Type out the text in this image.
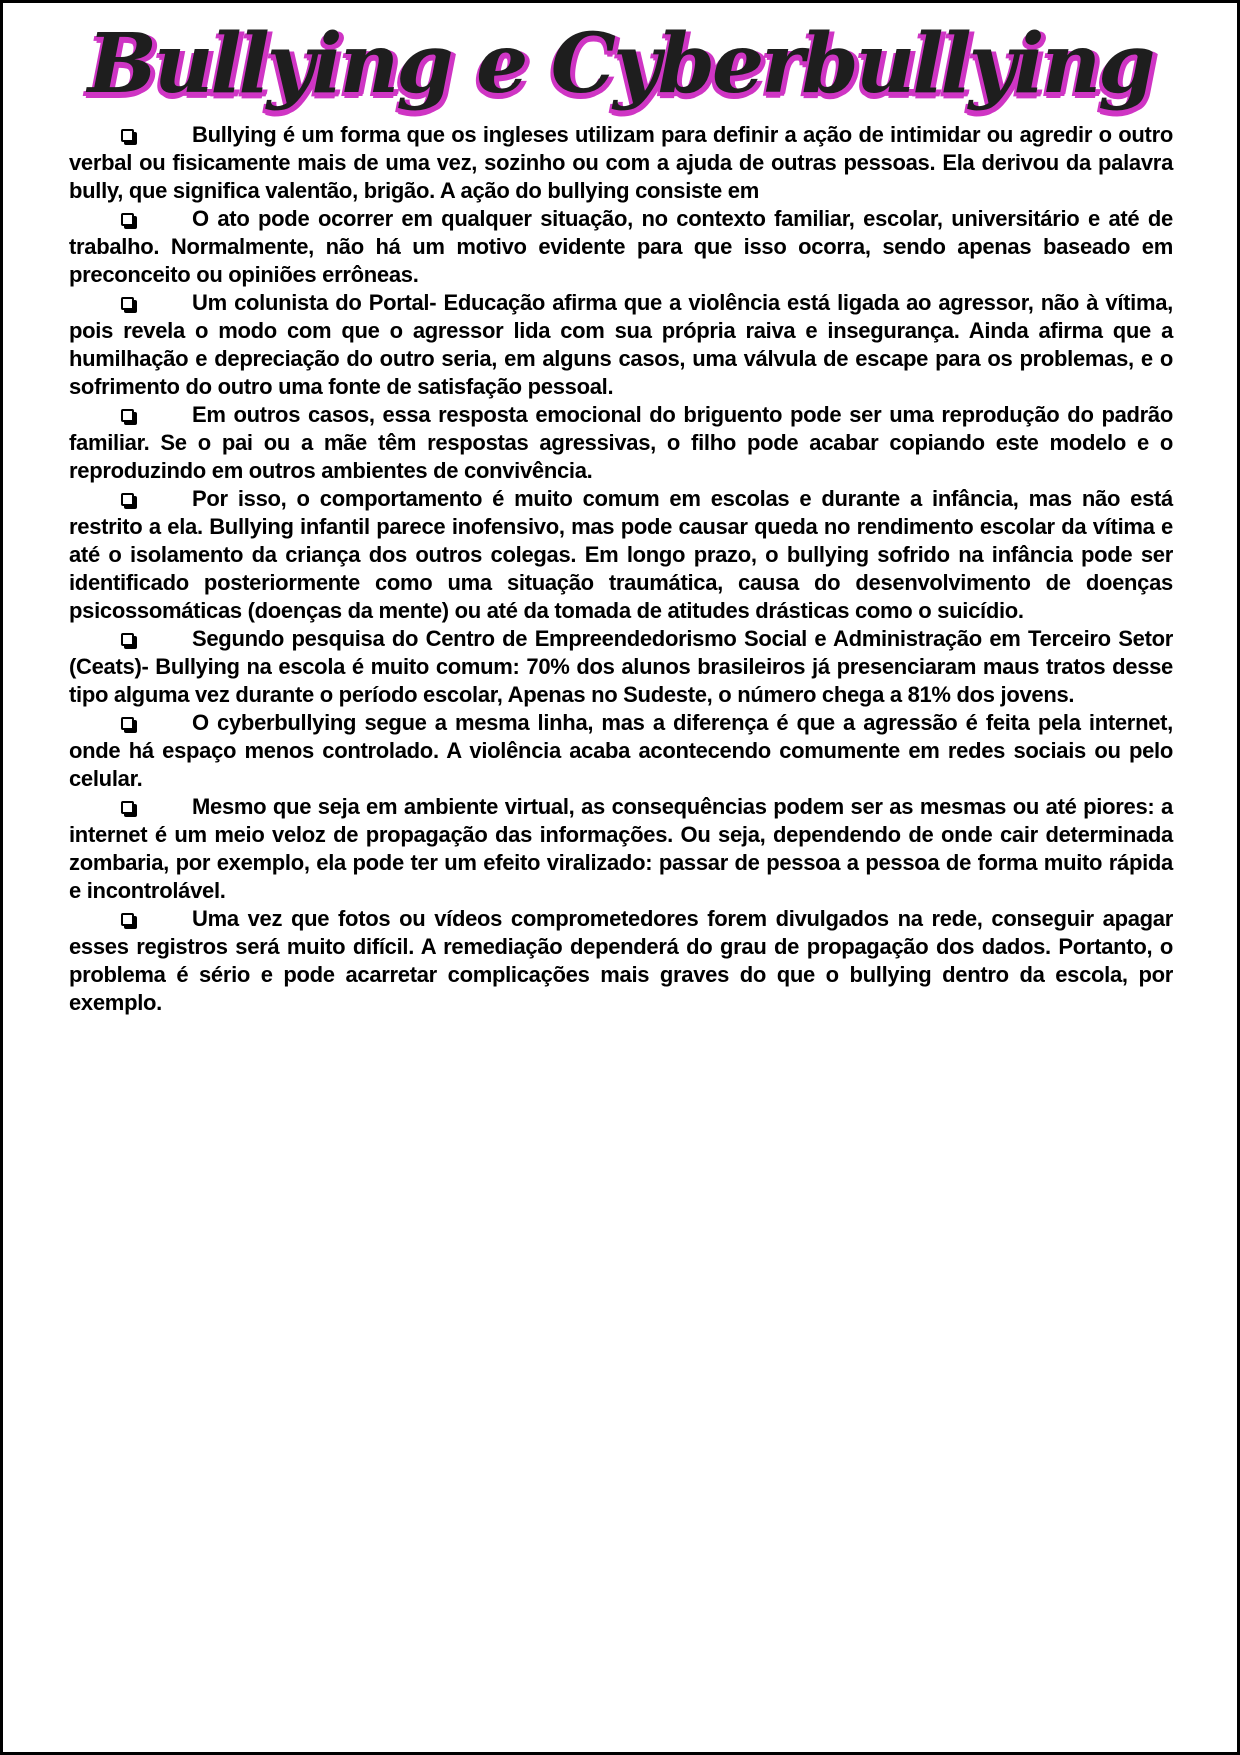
Bullying e Cyberbullying

Bullying é um forma que os ingleses utilizam para definir a ação de intimidar ou agredir o outro verbal ou fisicamente mais de uma vez, sozinho ou com a ajuda de outras pessoas. Ela derivou da palavra bully, que significa valentão, brigão. A ação do bullying consiste em

O ato pode ocorrer em qualquer situação, no contexto familiar, escolar, universitário e até de trabalho. Normalmente, não há um motivo evidente para que isso ocorra, sendo apenas baseado em preconceito ou opiniões errôneas.

Um colunista do Portal- Educação afirma que a violência está ligada ao agressor, não à vítima, pois revela o modo com que o agressor lida com sua própria raiva e insegurança. Ainda afirma que a humilhação e depreciação do outro seria, em alguns casos, uma válvula de escape para os problemas, e o sofrimento do outro uma fonte de satisfação pessoal.

Em outros casos, essa resposta emocional do briguento pode ser uma reprodução do padrão familiar. Se o pai ou a mãe têm respostas agressivas, o filho pode acabar copiando este modelo e o reproduzindo em outros ambientes de convivência.

Por isso, o comportamento é muito comum em escolas e durante a infância, mas não está restrito a ela. Bullying infantil parece inofensivo, mas pode causar queda no rendimento escolar da vítima e até o isolamento da criança dos outros colegas. Em longo prazo, o bullying sofrido na infância pode ser identificado posteriormente como uma situação traumática, causa do desenvolvimento de doenças psicossomáticas (doenças da mente) ou até da tomada de atitudes drásticas como o suicídio.

Segundo pesquisa do Centro de Empreendedorismo Social e Administração em Terceiro Setor (Ceats)- Bullying na escola é muito comum: 70% dos alunos brasileiros já presenciaram maus tratos desse tipo alguma vez durante o período escolar, Apenas no Sudeste, o número chega a 81% dos jovens.

O cyberbullying segue a mesma linha, mas a diferença é que a agressão é feita pela internet, onde há espaço menos controlado. A violência acaba acontecendo comumente em redes sociais ou pelo celular.

Mesmo que seja em ambiente virtual, as consequências podem ser as mesmas ou até piores: a internet é um meio veloz de propagação das informações. Ou seja, dependendo de onde cair determinada zombaria, por exemplo, ela pode ter um efeito viralizado: passar de pessoa a pessoa de forma muito rápida e incontrolável.

Uma vez que fotos ou vídeos comprometedores forem divulgados na rede, conseguir apagar esses registros será muito difícil. A remediação dependerá do grau de propagação dos dados. Portanto, o problema é sério e pode acarretar complicações mais graves do que o bullying dentro da escola, por exemplo.
